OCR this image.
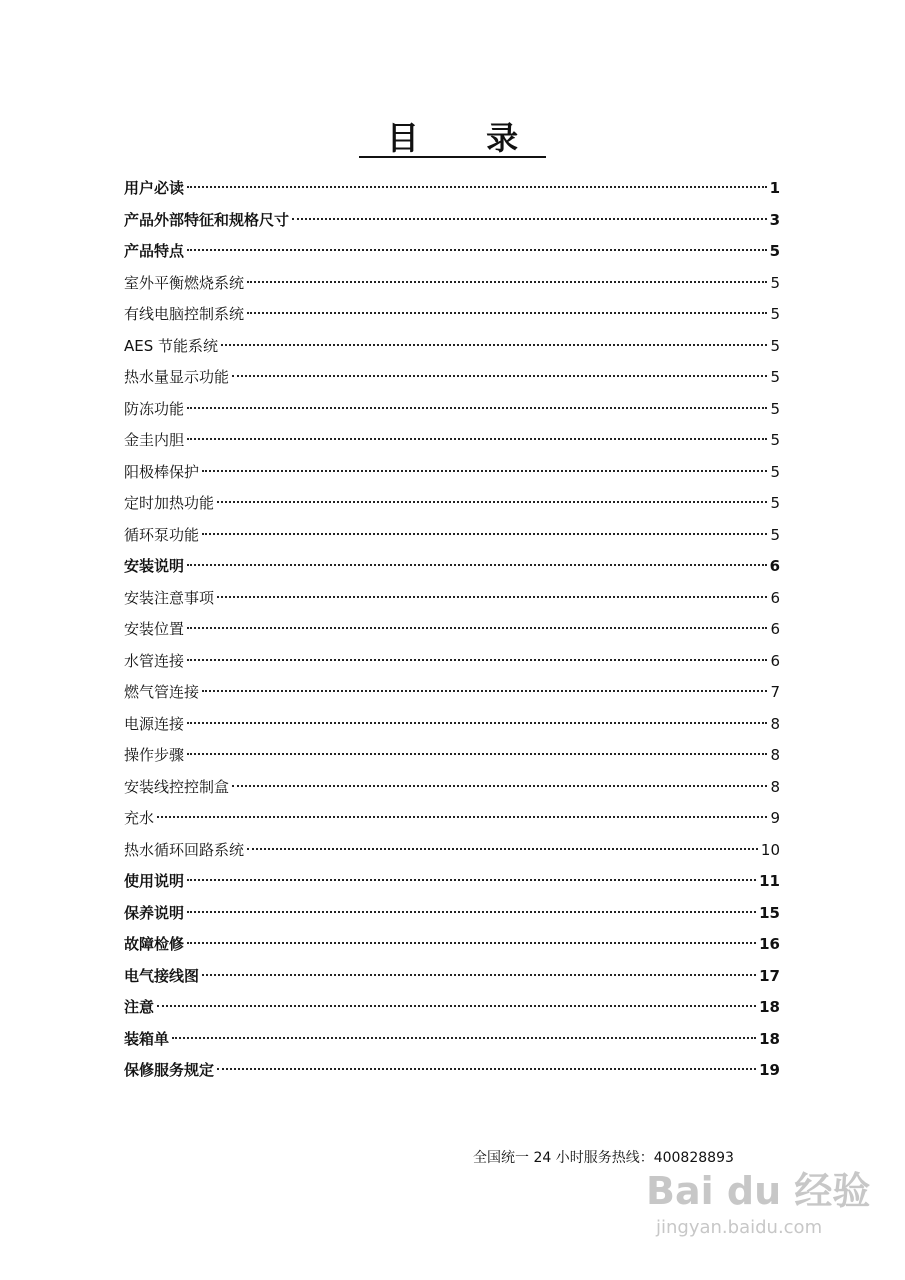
目 录
用户必读	1
产品外部特征和规格尺寸	3
产品特点	5
室外平衡燃烧系统	5
有线电脑控制系统	5
AES 节能系统	5
热水量显示功能	5
防冻功能	5
金圭内胆	5
阳极棒保护	5
定时加热功能	5
循环泵功能	5
安装说明	6
安装注意事项	6
安装位置	6
水管连接	6
燃气管连接	7
电源连接	8
操作步骤	8
安装线控控制盒	8
充水	9
热水循环回路系统	10
使用说明	11
保养说明	15
故障检修	16
电气接线图	17
注意	18
装箱单	18
保修服务规定	19
全国统一 24 小时服务热线：400828893
Bai du 经验
jingyan.baidu.com
